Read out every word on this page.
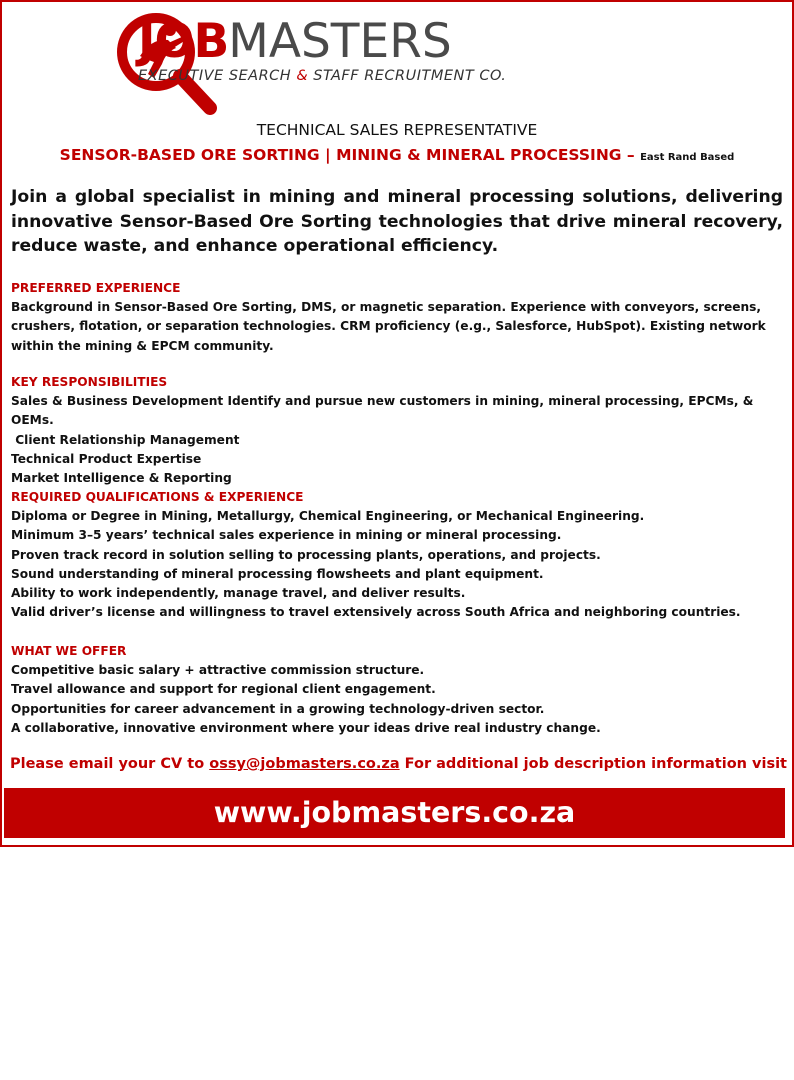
JOBMASTERS
EXECUTIVE SEARCH & STAFF RECRUITMENT CO.
TECHNICAL SALES REPRESENTATIVE
SENSOR-BASED ORE SORTING | MINING & MINERAL PROCESSING – East Rand Based
Join a global specialist in mining and mineral processing solutions, delivering innovative Sensor-Based Ore Sorting technologies that drive mineral recovery, reduce waste, and enhance operational efficiency.
PREFERRED EXPERIENCE

Background in Sensor-Based Ore Sorting, DMS, or magnetic separation. Experience with conveyors, screens, crushers, flotation, or separation technologies. CRM proficiency (e.g., Salesforce, HubSpot). Existing network within the mining & EPCM community.

KEY RESPONSIBILITIES
Sales & Business Development Identify and pursue new customers in mining, mineral processing, EPCMs, & OEMs.
Client Relationship Management
Technical Product Expertise
Market Intelligence & Reporting
REQUIRED QUALIFICATIONS & EXPERIENCE
Diploma or Degree in Mining, Metallurgy, Chemical Engineering, or Mechanical Engineering.
Minimum 3–5 years’ technical sales experience in mining or mineral processing.
Proven track record in solution selling to processing plants, operations, and projects.
Sound understanding of mineral processing flowsheets and plant equipment.
Ability to work independently, manage travel, and deliver results.
Valid driver’s license and willingness to travel extensively across South Africa and neighboring countries.
WHAT WE OFFER
Competitive basic salary + attractive commission structure.
Travel allowance and support for regional client engagement.
Opportunities for career advancement in a growing technology-driven sector.
A collaborative, innovative environment where your ideas drive real industry change.
Please email your CV to ossy@jobmasters.co.za For additional job description information visit
www.jobmasters.co.za
